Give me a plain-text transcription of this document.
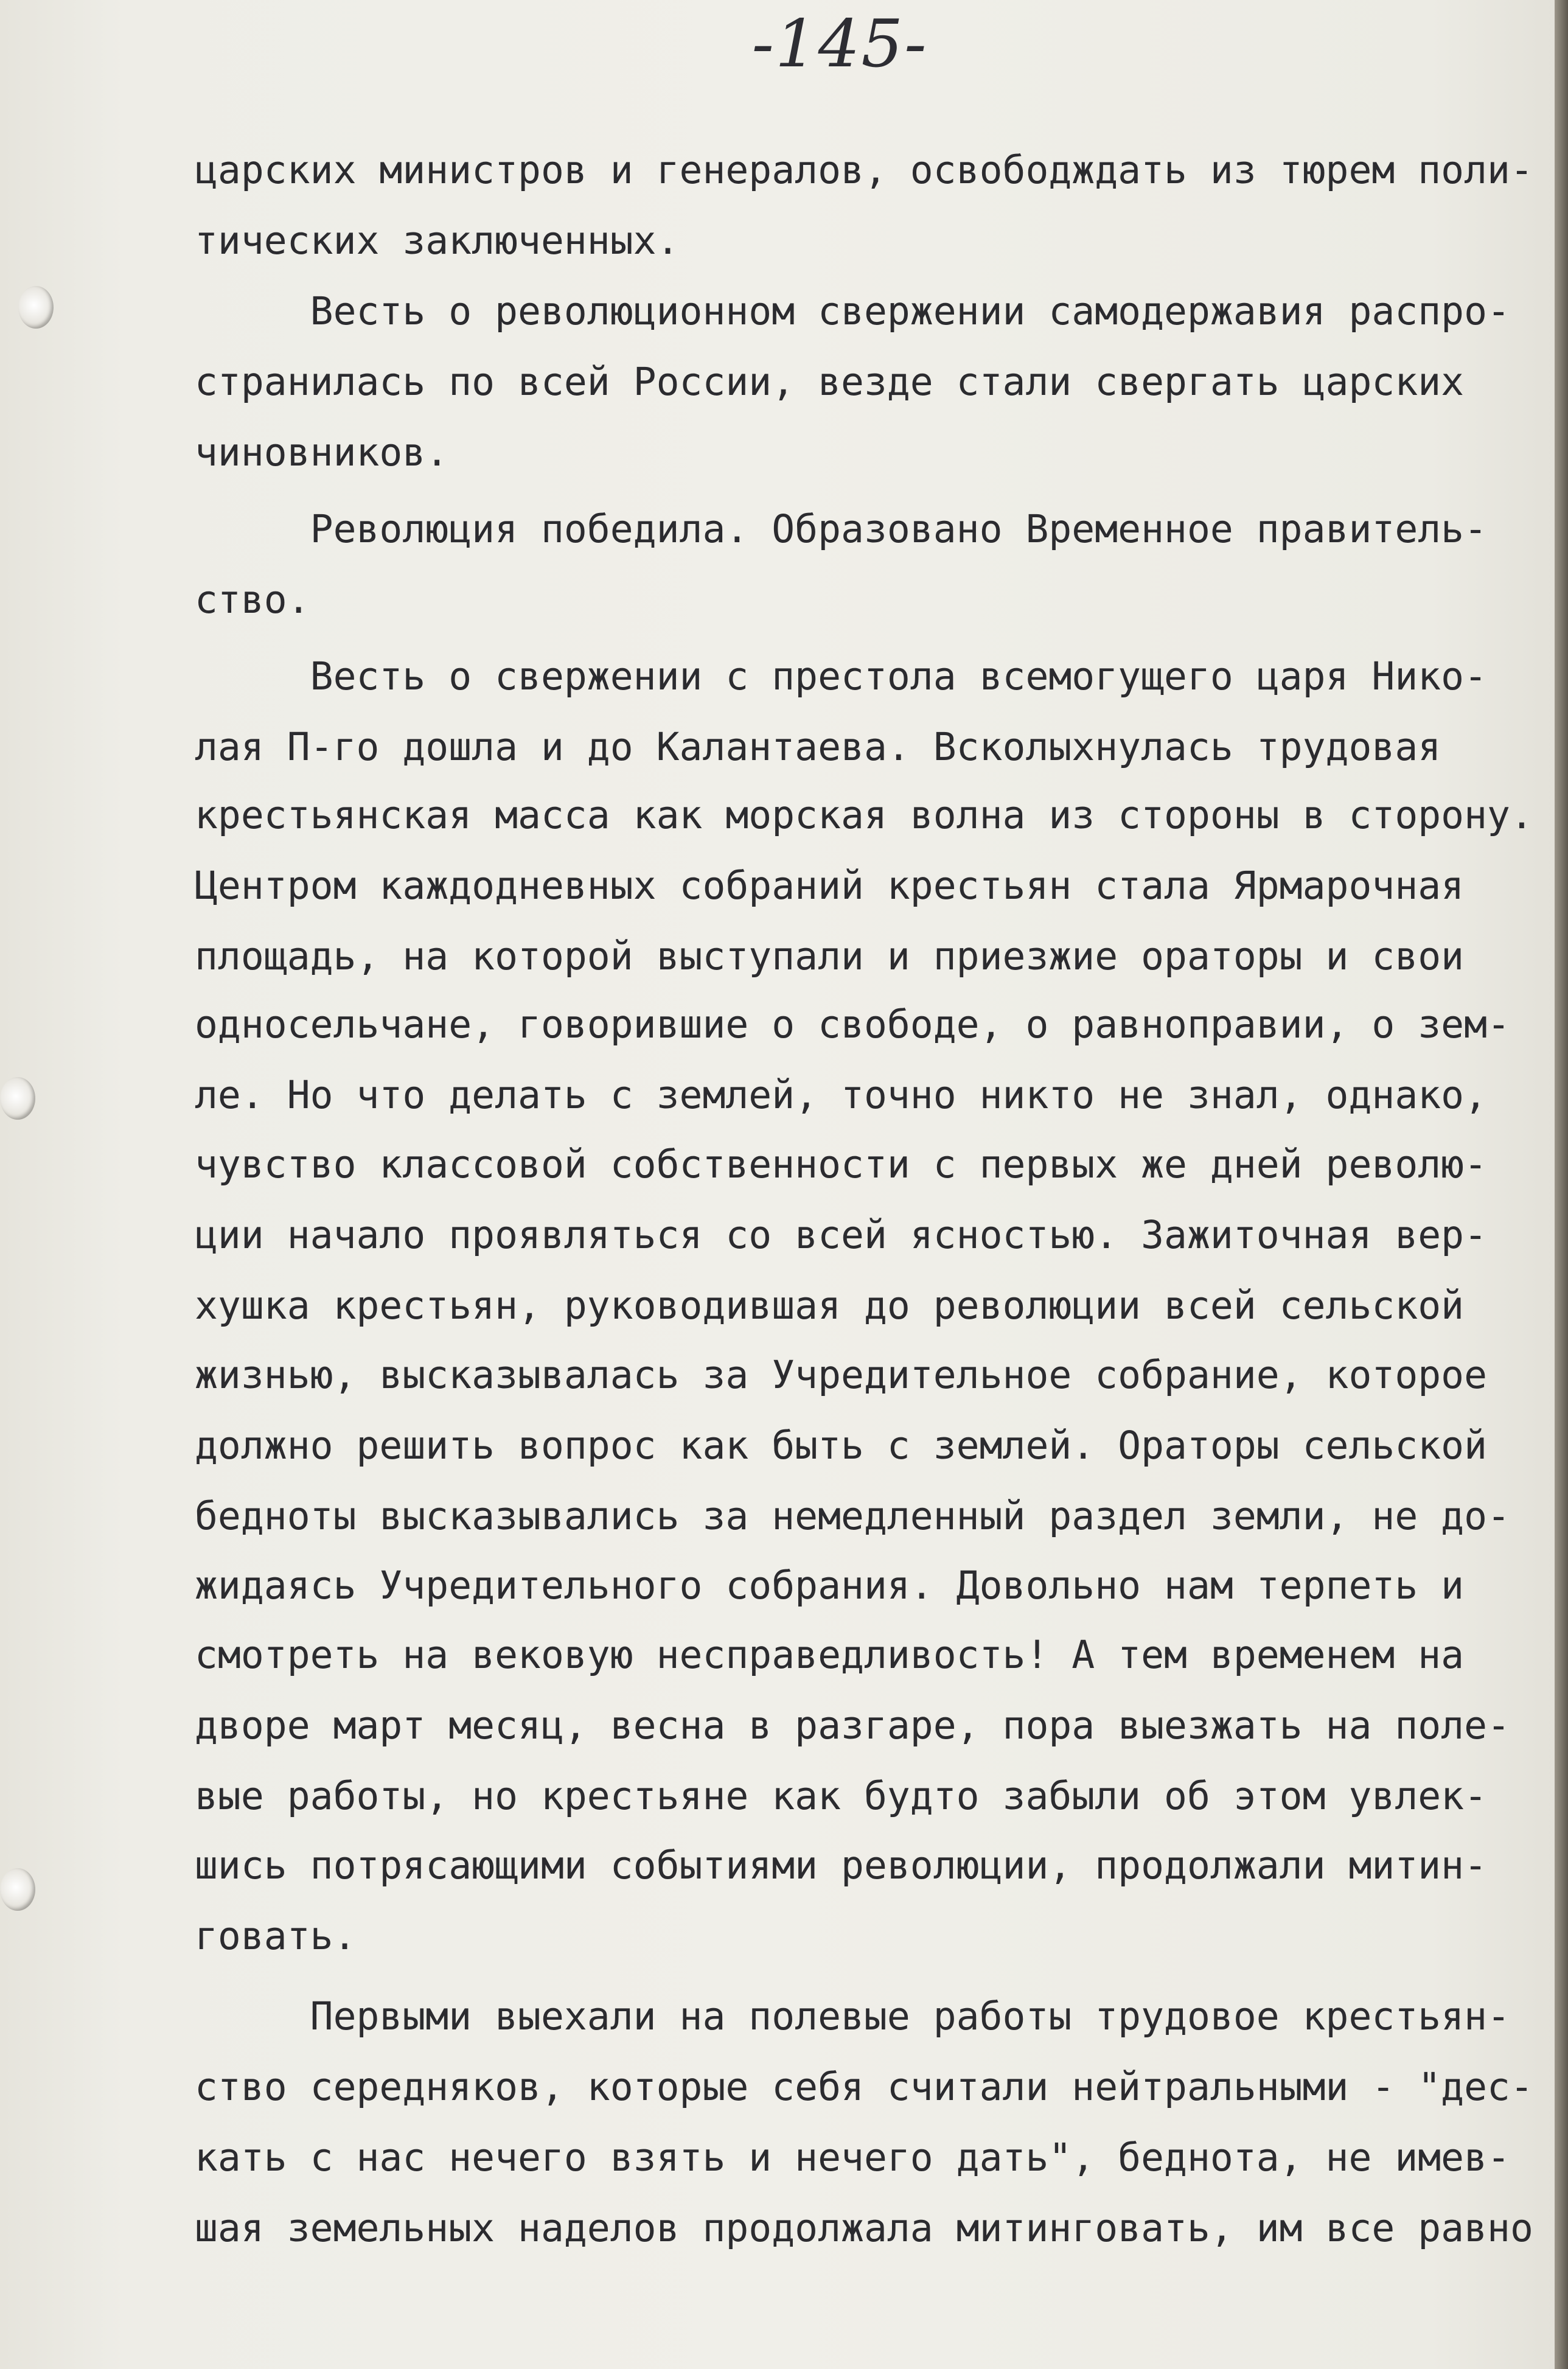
-145-
царских министров и генералов, освободждать из тюрем поли-
тических заключенных.
Весть о революционном свержении самодержавия распро-
странилась по всей России, везде стали свергать царских
чиновников.
Революция победила. Образовано Временное правитель-
ство.
Весть о свержении с престола всемогущего царя Нико-
лая П-го дошла и до Калантаева. Всколыхнулась трудовая
крестьянская масса как морская волна из стороны в сторону.
Центром каждодневных собраний крестьян стала Ярмарочная
площадь, на которой выступали и приезжие ораторы и свои
односельчане, говорившие о свободе, о равноправии, о зем-
ле. Но что делать с землей, точно никто не знал, однако,
чувство классовой собственности с первых же дней револю-
ции начало проявляться со всей ясностью. Зажиточная вер-
хушка крестьян, руководившая до революции всей сельской
жизнью, высказывалась за Учредительное собрание, которое
должно решить вопрос как быть с землей. Ораторы сельской
бедноты высказывались за немедленный раздел земли, не до-
жидаясь Учредительного собрания. Довольно нам терпеть и
смотреть на вековую несправедливость! А тем временем на
дворе март месяц, весна в разгаре, пора выезжать на поле-
вые работы, но крестьяне как будто забыли об этом увлек-
шись потрясающими событиями революции, продолжали митин-
говать.
Первыми выехали на полевые работы трудовое крестьян-
ство середняков, которые себя считали нейтральными - "дес-
кать с нас нечего взять и нечего дать", беднота, не имев-
шая земельных наделов продолжала митинговать, им все равно
